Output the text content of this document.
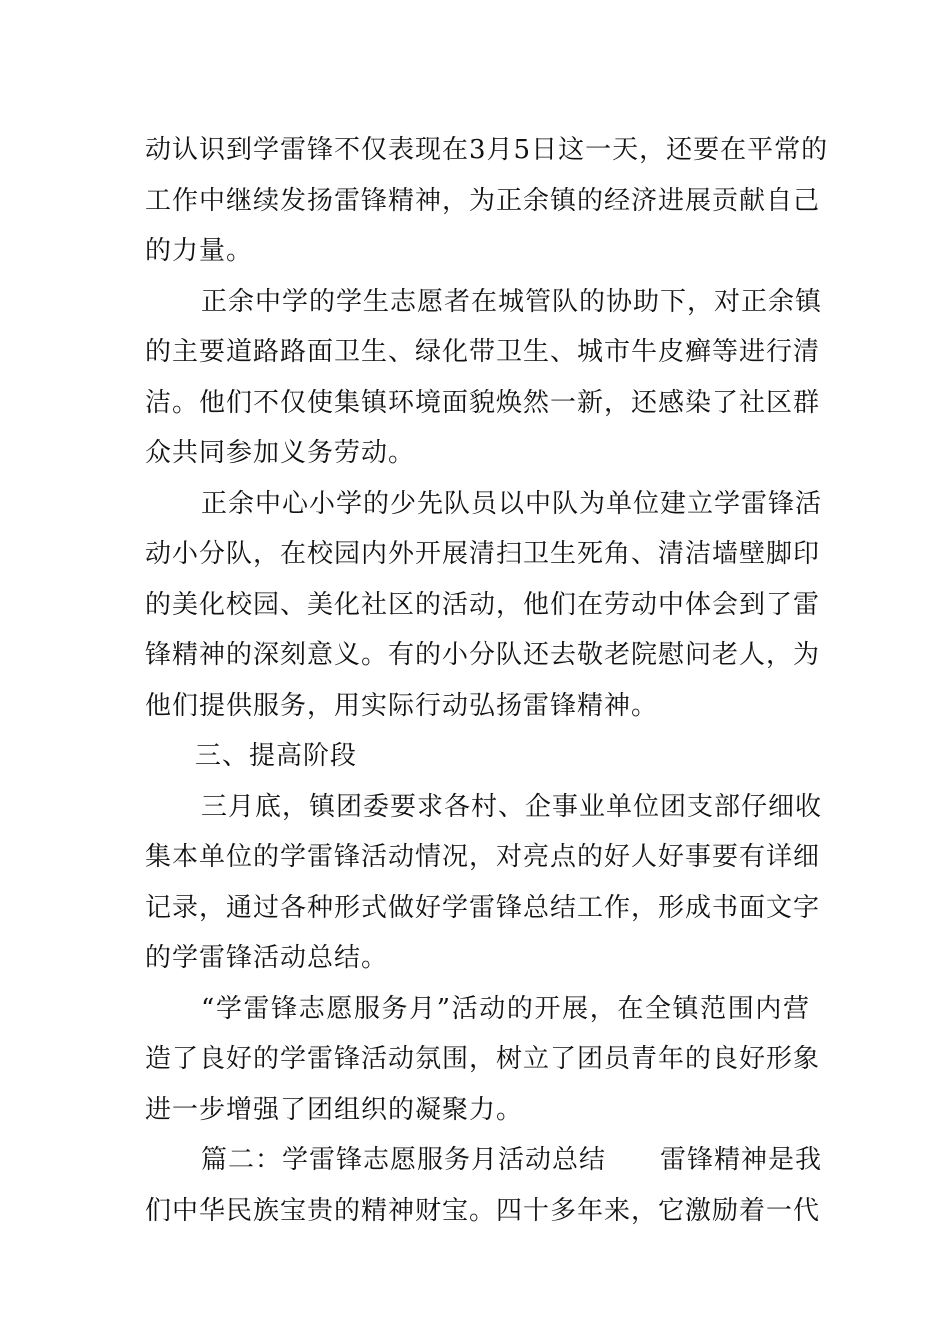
动认识到学雷锋不仅表现在3月5日这一天，还要在平常的
工作中继续发扬雷锋精神，为正余镇的经济进展贡献自己
的力量。
正余中学的学生志愿者在城管队的协助下，对正余镇
的主要道路路面卫生、绿化带卫生、城市牛皮癣等进行清
洁。他们不仅使集镇环境面貌焕然一新，还感染了社区群
众共同参加义务劳动。
正余中心小学的少先队员以中队为单位建立学雷锋活
动小分队，在校园内外开展清扫卫生死角、清洁墙壁脚印
的美化校园、美化社区的活动，他们在劳动中体会到了雷
锋精神的深刻意义。有的小分队还去敬老院慰问老人，为
他们提供服务，用实际行动弘扬雷锋精神。
三、提高阶段
三月底，镇团委要求各村、企事业单位团支部仔细收
集本单位的学雷锋活动情况，对亮点的好人好事要有详细
记录，通过各种形式做好学雷锋总结工作，形成书面文字
的学雷锋活动总结。
“学雷锋志愿服务月”活动的开展，在全镇范围内营
造了良好的学雷锋活动氛围，树立了团员青年的良好形象
进一步增强了团组织的凝聚力。
篇二：学雷锋志愿服务月活动总结　　雷锋精神是我
们中华民族宝贵的精神财宝。四十多年来，它激励着一代
